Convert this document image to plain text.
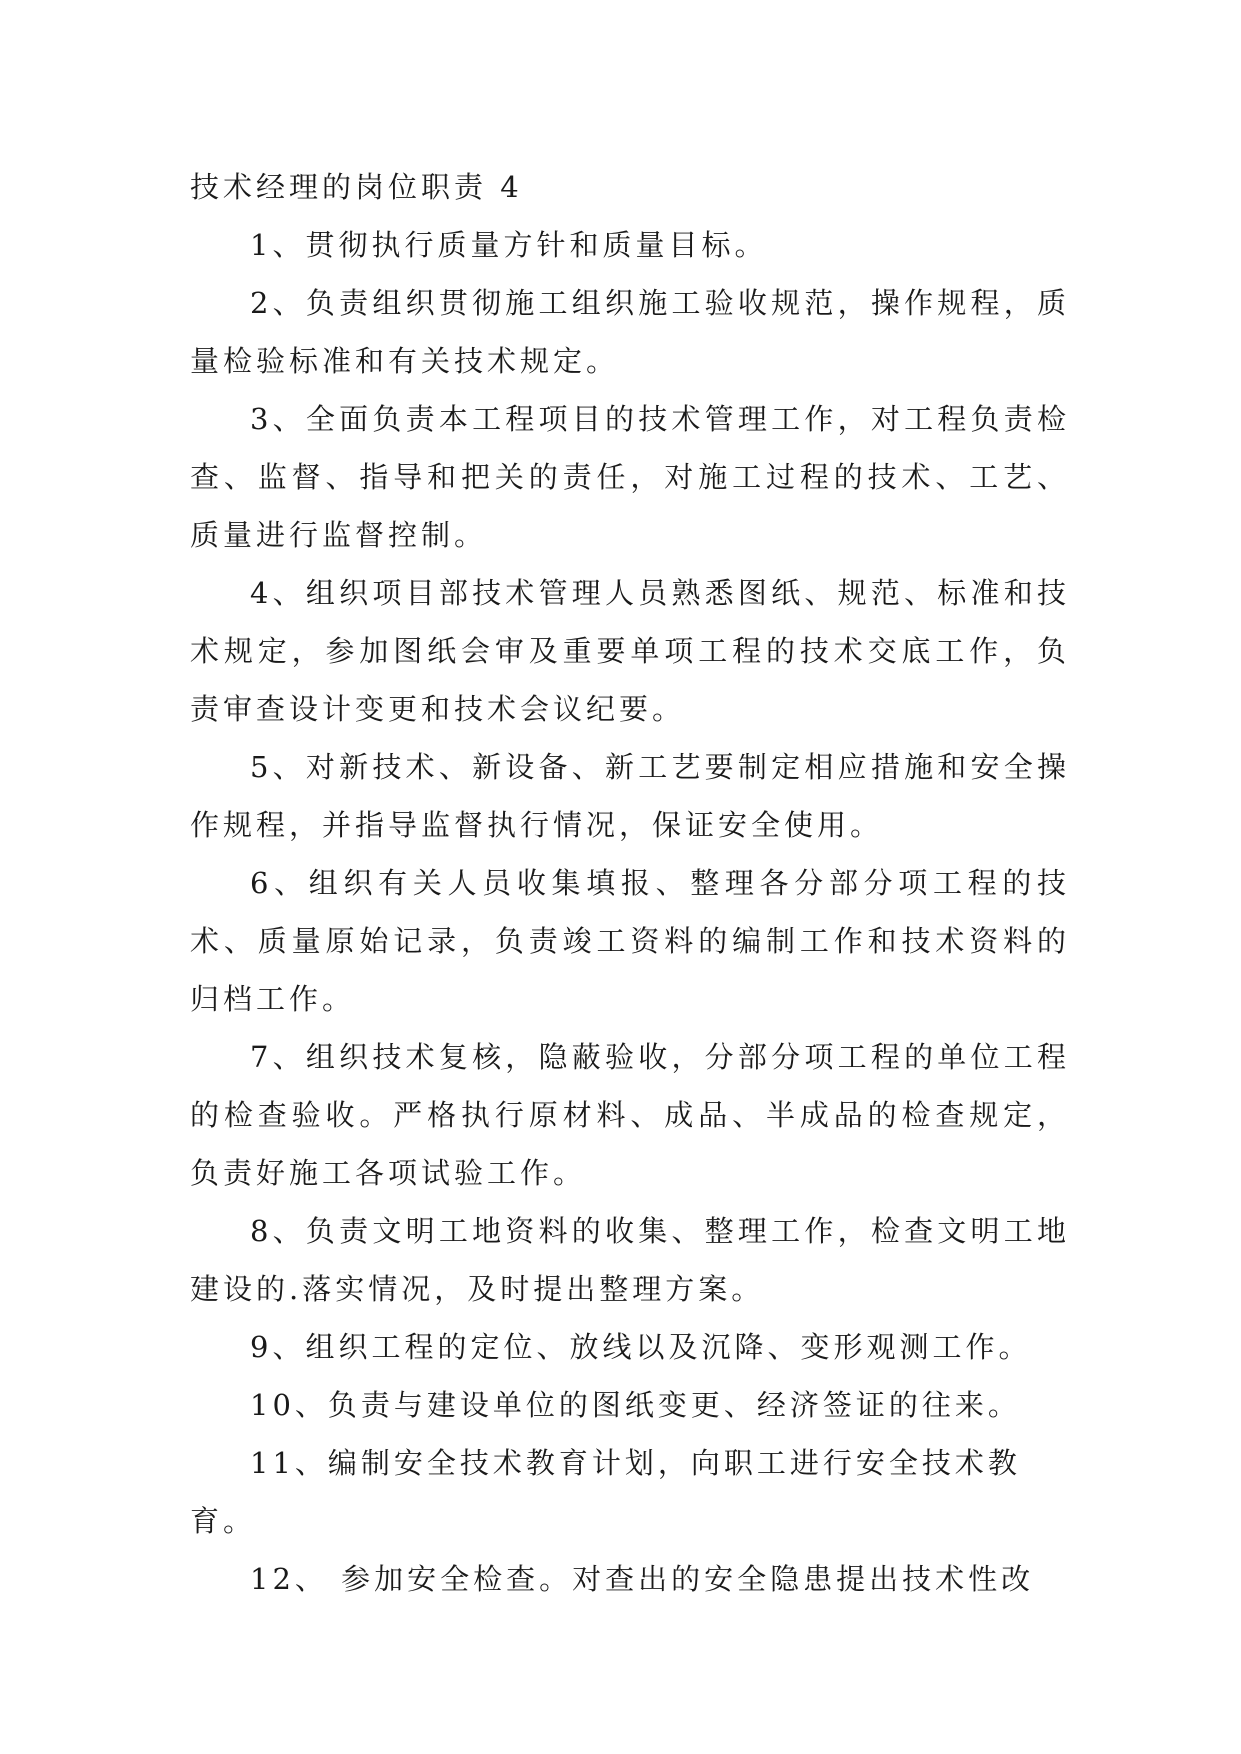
技术经理的岗位职责 4

1、贯彻执行质量方针和质量目标。

2、负责组织贯彻施工组织施工验收规范，操作规程，质量检验标准和有关技术规定。

3、全面负责本工程项目的技术管理工作，对工程负责检查、监督、指导和把关的责任，对施工过程的技术、工艺、质量进行监督控制。

4、组织项目部技术管理人员熟悉图纸、规范、标准和技术规定，参加图纸会审及重要单项工程的技术交底工作，负责审查设计变更和技术会议纪要。

5、对新技术、新设备、新工艺要制定相应措施和安全操作规程，并指导监督执行情况，保证安全使用。

6、组织有关人员收集填报、整理各分部分项工程的技术、质量原始记录，负责竣工资料的编制工作和技术资料的归档工作。

7、组织技术复核，隐蔽验收，分部分项工程的单位工程的检查验收。严格执行原材料、成品、半成品的检查规定，负责好施工各项试验工作。

8、负责文明工地资料的收集、整理工作，检查文明工地建设的.落实情况，及时提出整理方案。

9、组织工程的定位、放线以及沉降、变形观测工作。

10、负责与建设单位的图纸变更、经济签证的往来。

11、编制安全技术教育计划，向职工进行安全技术教育。

12、 参加安全检查。对查出的安全隐患提出技术性改
